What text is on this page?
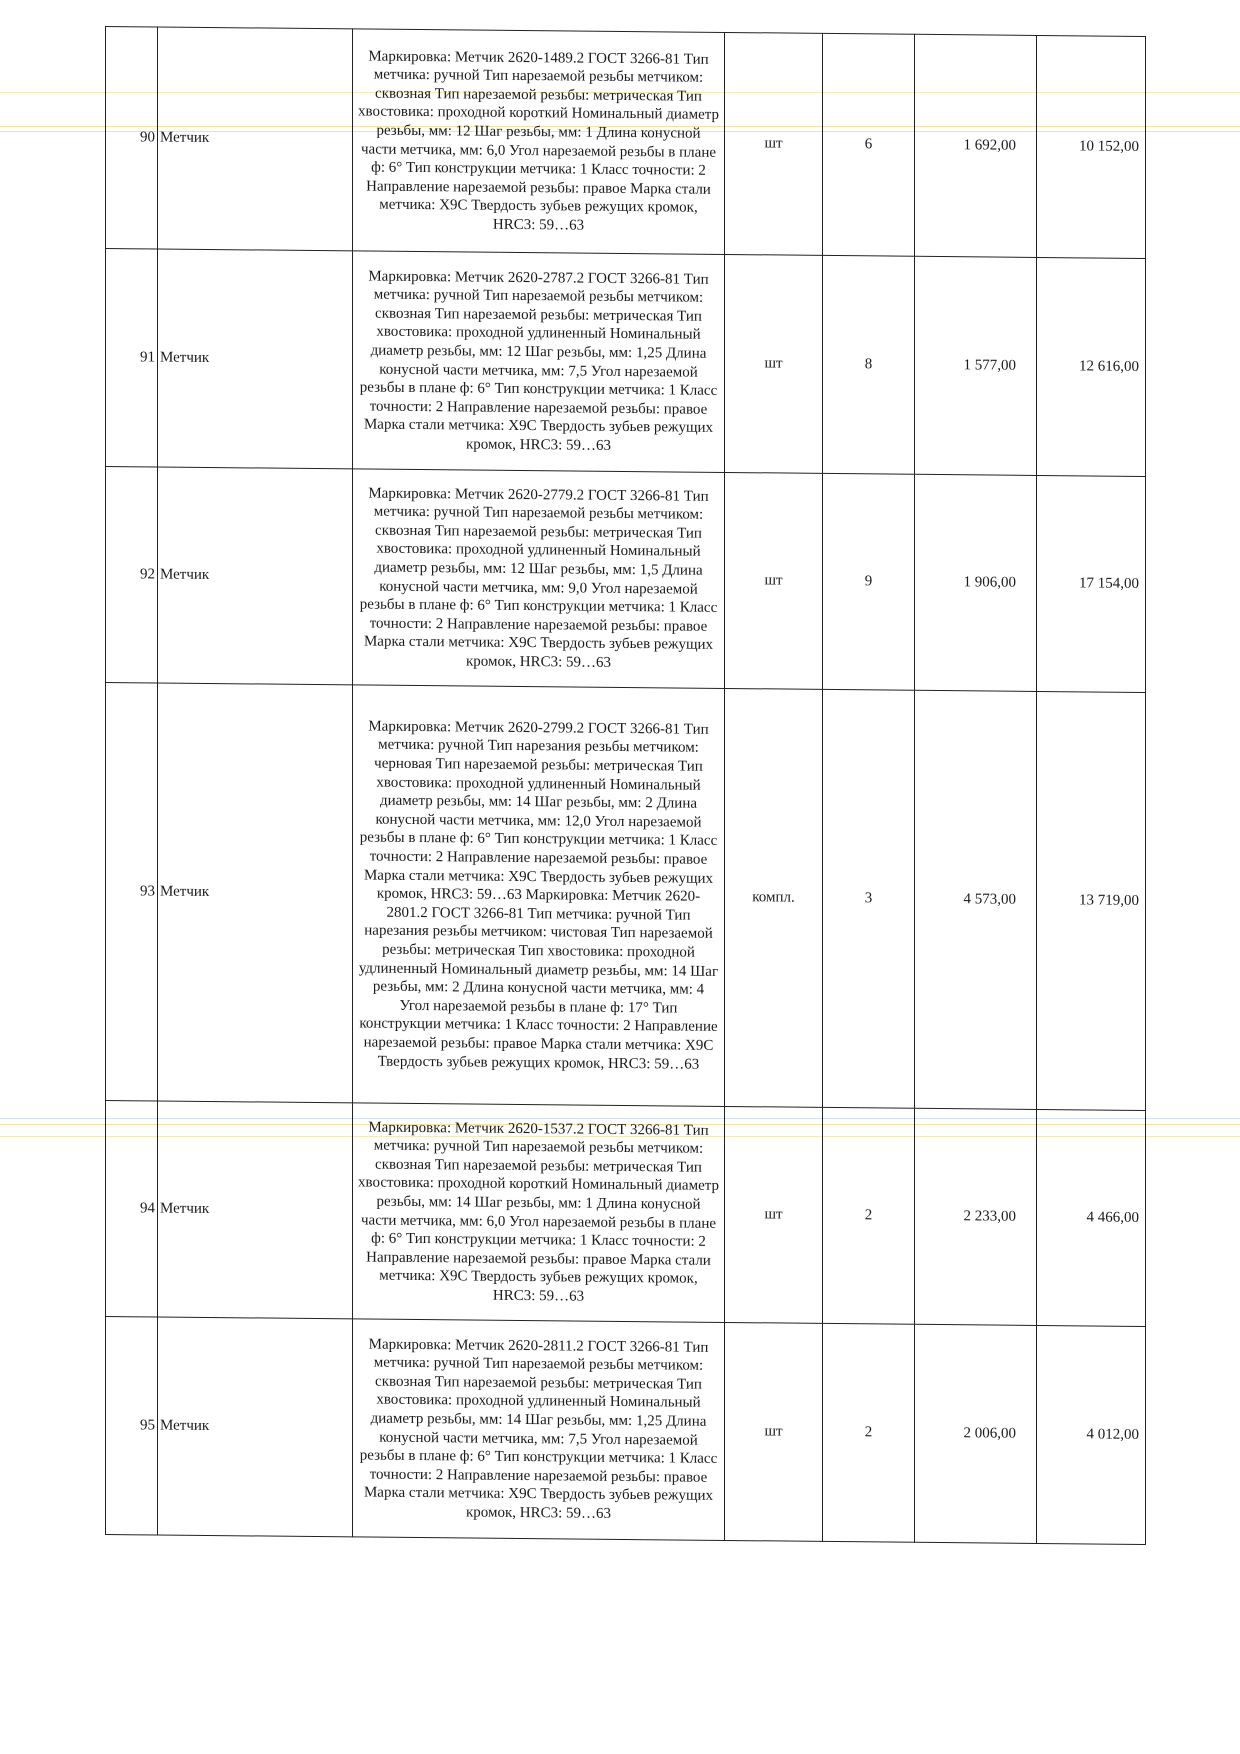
90	Метчик	Маркировка: Метчик 2620-1489.2 ГОСТ 3266-81 Тип метчика: ручной Тип нарезаемой резьбы метчиком: сквозная Тип нарезаемой резьбы: метрическая Тип хвостовика: проходной короткий Номинальный диаметр резьбы, мм: 12 Шаг резьбы, мм: 1 Длина конусной части метчика, мм: 6,0 Угол нарезаемой резьбы в плане ф: 6° Тип конструкции метчика: 1 Класс точности: 2 Направление нарезаемой резьбы: правое Марка стали метчика: Х9С Твердость зубьев режущих кромок, HRC3: 59…63	шт	6	1 692,00	10 152,00
91	Метчик	Маркировка: Метчик 2620-2787.2 ГОСТ 3266-81 Тип метчика: ручной Тип нарезаемой резьбы метчиком: сквозная Тип нарезаемой резьбы: метрическая Тип хвостовика: проходной удлиненный Номинальный диаметр резьбы, мм: 12 Шаг резьбы, мм: 1,25 Длина конусной части метчика, мм: 7,5 Угол нарезаемой резьбы в плане ф: 6° Тип конструкции метчика: 1 Класс точности: 2 Направление нарезаемой резьбы: правое Марка стали метчика: Х9С Твердость зубьев режущих кромок, HRC3: 59…63	шт	8	1 577,00	12 616,00
92	Метчик	Маркировка: Метчик 2620-2779.2 ГОСТ 3266-81 Тип метчика: ручной Тип нарезаемой резьбы метчиком: сквозная Тип нарезаемой резьбы: метрическая Тип хвостовика: проходной удлиненный Номинальный диаметр резьбы, мм: 12 Шаг резьбы, мм: 1,5 Длина конусной части метчика, мм: 9,0 Угол нарезаемой резьбы в плане ф: 6° Тип конструкции метчика: 1 Класс точности: 2 Направление нарезаемой резьбы: правое Марка стали метчика: Х9С Твердость зубьев режущих кромок, HRC3: 59…63	шт	9	1 906,00	17 154,00
93	Метчик	Маркировка: Метчик 2620-2799.2 ГОСТ 3266-81 Тип метчика: ручной Тип нарезания резьбы метчиком: черновая Тип нарезаемой резьбы: метрическая Тип хвостовика: проходной удлиненный Номинальный диаметр резьбы, мм: 14 Шаг резьбы, мм: 2 Длина конусной части метчика, мм: 12,0 Угол нарезаемой резьбы в плане ф: 6° Тип конструкции метчика: 1 Класс точности: 2 Направление нарезаемой резьбы: правое Марка стали метчика: Х9С Твердость зубьев режущих кромок, HRC3: 59…63 Маркировка: Метчик 2620-2801.2 ГОСТ 3266-81 Тип метчика: ручной Тип нарезания резьбы метчиком: чистовая Тип нарезаемой резьбы: метрическая Тип хвостовика: проходной удлиненный Номинальный диаметр резьбы, мм: 14 Шаг резьбы, мм: 2 Длина конусной части метчика, мм: 4 Угол нарезаемой резьбы в плане ф: 17° Тип конструкции метчика: 1 Класс точности: 2 Направление нарезаемой резьбы: правое Марка стали метчика: Х9С Твердость зубьев режущих кромок, HRC3: 59…63	компл.	3	4 573,00	13 719,00
94	Метчик	Маркировка: Метчик 2620-1537.2 ГОСТ 3266-81 Тип метчика: ручной Тип нарезаемой резьбы метчиком: сквозная Тип нарезаемой резьбы: метрическая Тип хвостовика: проходной короткий Номинальный диаметр резьбы, мм: 14 Шаг резьбы, мм: 1 Длина конусной части метчика, мм: 6,0 Угол нарезаемой резьбы в плане ф: 6° Тип конструкции метчика: 1 Класс точности: 2 Направление нарезаемой резьбы: правое Марка стали метчика: Х9С Твердость зубьев режущих кромок, HRC3: 59…63	шт	2	2 233,00	4 466,00
95	Метчик	Маркировка: Метчик 2620-2811.2 ГОСТ 3266-81 Тип метчика: ручной Тип нарезаемой резьбы метчиком: сквозная Тип нарезаемой резьбы: метрическая Тип хвостовика: проходной удлиненный Номинальный диаметр резьбы, мм: 14 Шаг резьбы, мм: 1,25 Длина конусной части метчика, мм: 7,5 Угол нарезаемой резьбы в плане ф: 6° Тип конструкции метчика: 1 Класс точности: 2 Направление нарезаемой резьбы: правое Марка стали метчика: Х9С Твердость зубьев режущих кромок, HRC3: 59…63	шт	2	2 006,00	4 012,00
